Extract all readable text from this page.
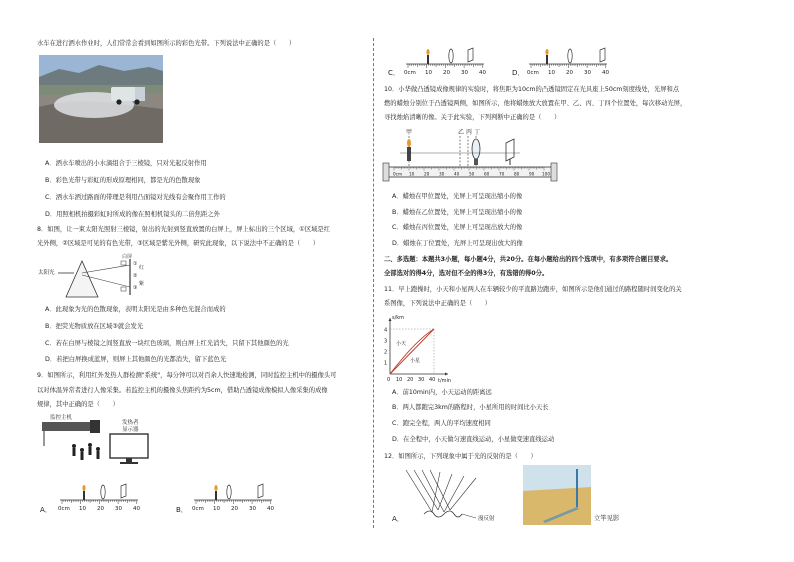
水车在进行洒水作业时，人们常常会看到如图所示的彩色光带。下列说法中正确的是（　　）
A．洒水车喷出的小水滴组合于三棱镜，只对光起反射作用
B．彩色光带与彩虹的形成原理相同，都是光的色散现象
C．洒水车洒过路面的带理是利用凸面镜对光线有会聚作用工作的
D．用照相机拍摄彩虹时所成的像在照相机镜头的二倍焦距之外
8．如图，让一束太阳光照射三棱镜，射出的光射到竖直放置的白屏上，屏上标出的三个区域，①区域是红
光外侧，②区域是可见的有色光带，③区域是紫光外侧，研究此现象，以下说法中不正确的是（　　）
太阳光
白屏
①
②
③
红
紫
A．此现象为光的色散现象，表明太阳光是由多种色光混合而成的
B．把荧光物质放在区域③就会发光
C．若在白屏与棱镜之间竖直放一块红色玻璃，则白屏上红光消失，只留下其他颜色的光
D．若把白屏换成蓝屏，则屏上其他颜色的光都消失，留下蓝色光
9．如图所示，利用红外发热人群检测"系统"，每分钟可以对百余人快速地检测，同时监控主机中的摄像头可
以对体温异常者进行人像采集。若监控主机的摄像头焦距约为5cm，借助凸透镜成像模拟人像采集的成像
规律，其中正确的是（　　）
监控主机
发热者
显示器
A． 0cm 10 20 30 40	B． 0cm 10 20 30 40
C． 0cm 10 20 30 40	D． 0cm 10 20 30 40
10．小华做凸透镜成像规律的实验时，将焦距为10cm的凸透镜固定在光具座上50cm刻度线处，光屏和点
燃的蜡烛分别位于凸透镜两侧，如图所示，他将蜡烛放大放置在甲、乙、丙、丁四个位置处，每次移动光屏，
寻找烛焰清晰的像。关于此实验，下列判断中正确的是（　　）
甲	乙 丙 丁
0cm 10 20 30 40 50 60 70 80 90 100
A．蜡烛在甲位置处，光屏上可呈现出缩小的像
B．蜡烛在乙位置处，光屏上可呈现出缩小的像
C．蜡烛在丙位置处，光屏上可呈现出放大的像
D．蜡烛在丁位置处，光屏上可呈现出放大的像
二、多选题：本题共3小题，每小题4分，共20分。在每小题给出的四个选项中，有多项符合题目要求。
全部选对的得4分，选对但不全的得3分，有选错的得0分。
11．早上跑操时，小天和小星两人在车辆较少的平直路边跑步，如图所示是他们通过的路程随时间变化的关
系图像，下列说法中正确的是（　　）
s/km
t/min
1
2
3
4
0 10 20 30 40
小天
小星
A．前10min内，小天运动的距离远
B．两人都跑完3km的路程时，小星所用的时间比小天长
C．跑完全程，两人的平均速度相同
D．在全程中，小天做匀速直线运动，小星做变速直线运动
12．如图所示，下列现象中属于光的反射的是（　　）
A．	漫反射	立竿见影
